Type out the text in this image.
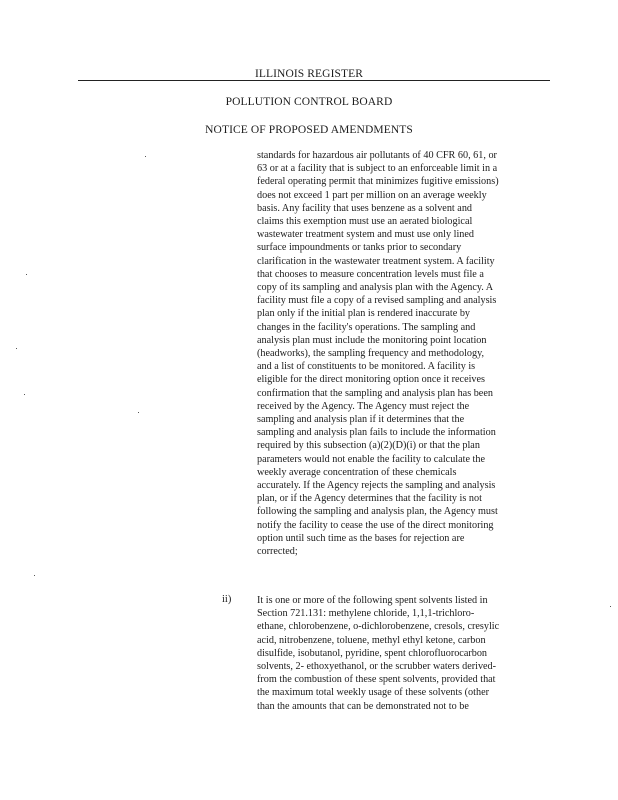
ILLINOIS REGISTER
POLLUTION CONTROL BOARD
NOTICE OF PROPOSED AMENDMENTS
standards for hazardous air pollutants of 40 CFR 60, 61, or
63 or at a facility that is subject to an enforceable limit in a
federal operating permit that minimizes fugitive emissions)
does not exceed 1 part per million on an average weekly
basis. Any facility that uses benzene as a solvent and
claims this exemption must use an aerated biological
wastewater treatment system and must use only lined
surface impoundments or tanks prior to secondary
clarification in the wastewater treatment system. A facility
that chooses to measure concentration levels must file a
copy of its sampling and analysis plan with the Agency. A
facility must file a copy of a revised sampling and analysis
plan only if the initial plan is rendered inaccurate by
changes in the facility's operations. The sampling and
analysis plan must include the monitoring point location
(headworks), the sampling frequency and methodology,
and a list of constituents to be monitored. A facility is
eligible for the direct monitoring option once it receives
confirmation that the sampling and analysis plan has been
received by the Agency. The Agency must reject the
sampling and analysis plan if it determines that the
sampling and analysis plan fails to include the information
required by this subsection (a)(2)(D)(i) or that the plan
parameters would not enable the facility to calculate the
weekly average concentration of these chemicals
accurately. If the Agency rejects the sampling and analysis
plan, or if the Agency determines that the facility is not
following the sampling and analysis plan, the Agency must
notify the facility to cease the use of the direct monitoring
option until such time as the bases for rejection are
corrected;
ii)	It is one or more of the following spent solvents listed in
Section 721.131: methylene chloride, 1,1,1-trichloro-
ethane, chlorobenzene, o-dichlorobenzene, cresols, cresylic
acid, nitrobenzene, toluene, methyl ethyl ketone, carbon
disulfide, isobutanol, pyridine, spent chlorofluorocarbon
solvents, 2- ethoxyethanol, or the scrubber waters derived-
from the combustion of these spent solvents, provided that
the maximum total weekly usage of these solvents (other
than the amounts that can be demonstrated not to be
